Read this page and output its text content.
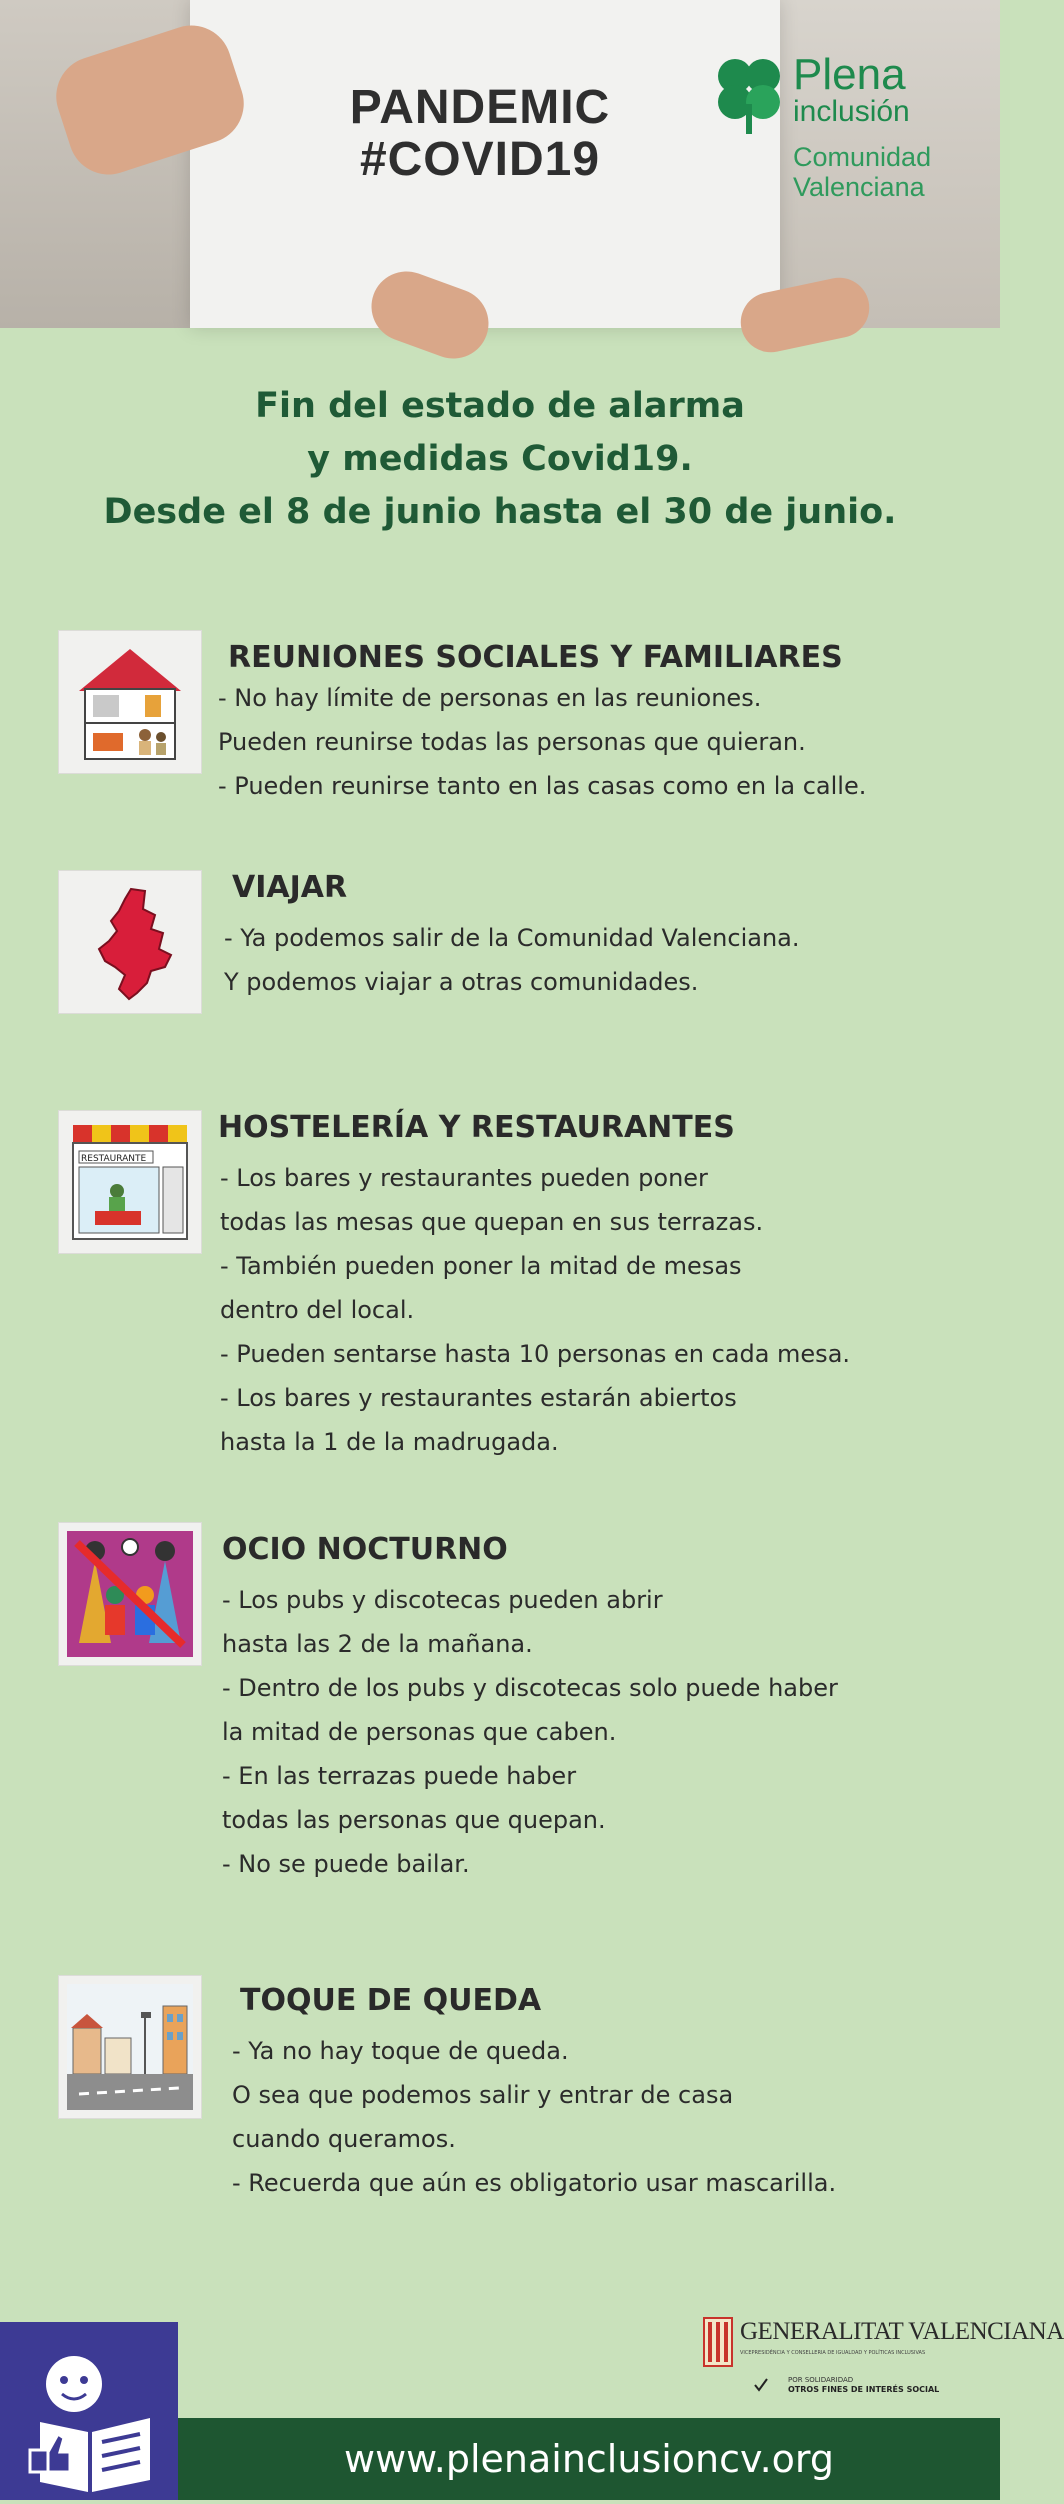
PANDEMIC
#COVID19
Plena
inclusión
Comunidad
Valenciana
Fin del estado de alarma
y medidas Covid19.
Desde el 8 de junio hasta el 30 de junio.
REUNIONES SOCIALES Y FAMILIARES
- No hay límite de personas en las reuniones.
Pueden reunirse todas las personas que quieran.
- Pueden reunirse tanto en las casas como en la calle.
VIAJAR
- Ya podemos salir de la Comunidad Valenciana.
Y podemos viajar a otras comunidades.
RESTAURANTE
HOSTELERÍA Y RESTAURANTES
- Los bares y restaurantes pueden poner
todas las mesas que quepan en sus terrazas.
- También pueden poner la mitad de mesas
dentro del local.
- Pueden sentarse hasta 10 personas en cada mesa.
- Los bares y restaurantes estarán abiertos
hasta la 1 de la madrugada.
OCIO NOCTURNO
- Los pubs y discotecas pueden abrir
hasta las 2 de la mañana.
- Dentro de los pubs y discotecas solo puede haber
la mitad de personas que caben.
- En las terrazas puede haber
todas las personas que quepan.
- No se puede bailar.
TOQUE DE QUEDA
- Ya no hay toque de queda.
O sea que podemos salir y entrar de casa
cuando queramos.
- Recuerda que aún es obligatorio usar mascarilla.
GENERALITAT VALENCIANA
VICEPRESIDÈNCIA Y CONSELLERIA DE IGUALDAD Y POLÍTICAS INCLUSIVAS
POR SOLIDARIDAD
OTROS FINES DE INTERÉS SOCIAL
www.plenainclusioncv.org
